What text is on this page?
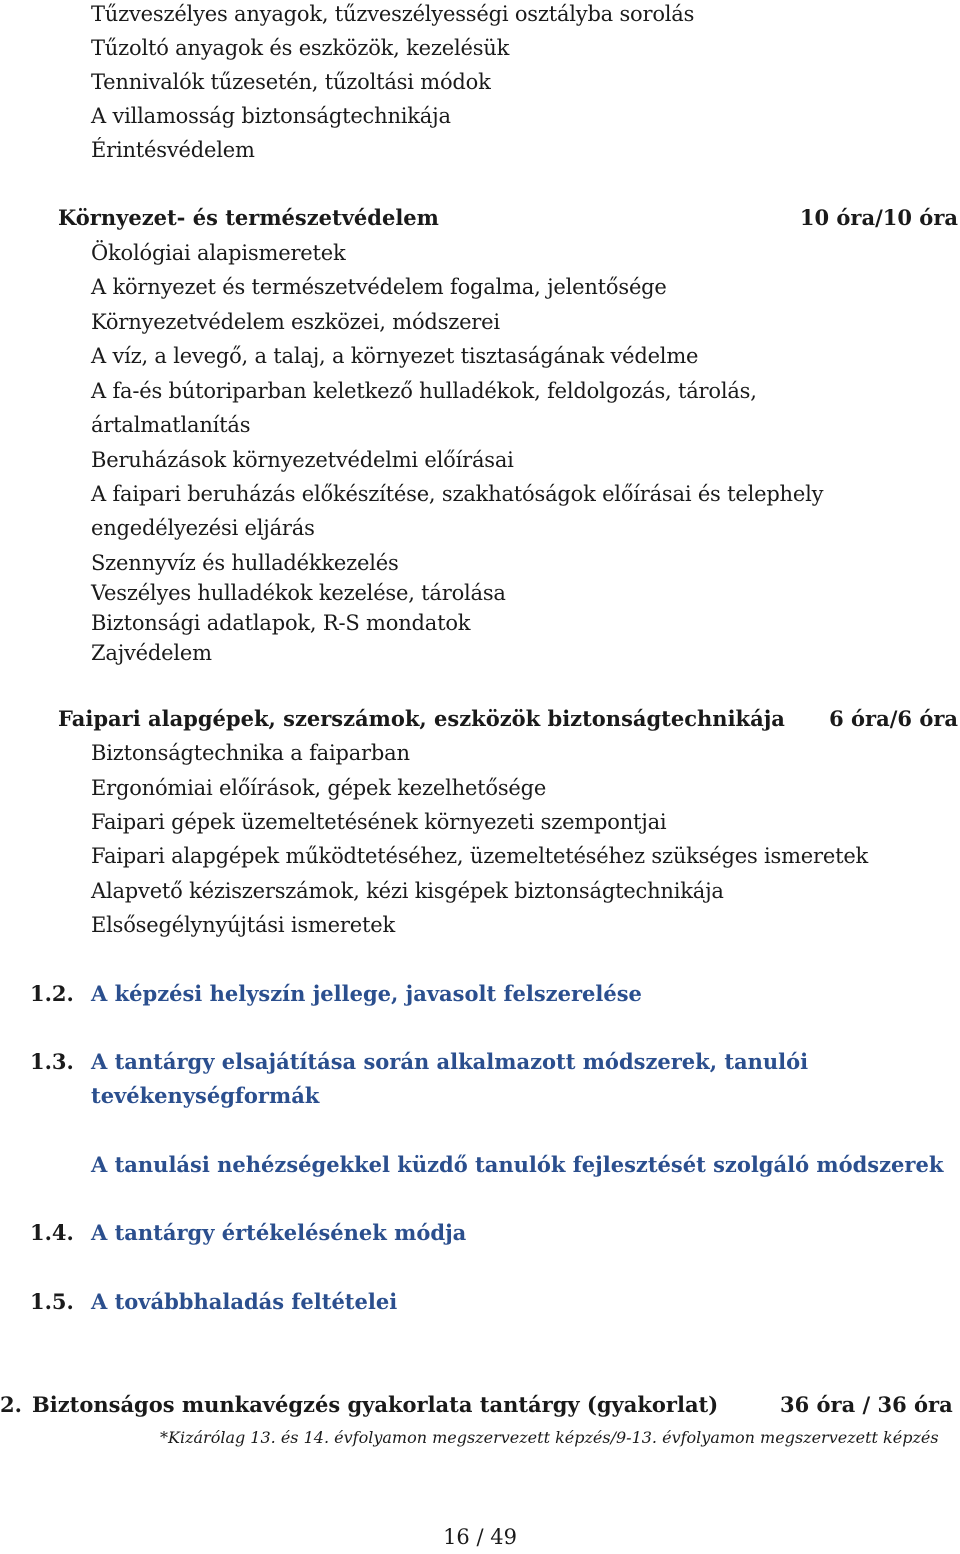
Tűzveszélyes anyagok, tűzveszélyességi osztályba sorolás
Tűzoltó anyagok és eszközök, kezelésük
Tennivalók tűzesetén, tűzoltási módok
A villamosság biztonságtechnikája
Érintésvédelem
Környezet- és természetvédelem	10 óra/10 óra
Ökológiai alapismeretek
A környezet és természetvédelem fogalma, jelentősége
Környezetvédelem eszközei, módszerei
A víz, a levegő, a talaj, a környezet tisztaságának védelme
A fa-és bútoriparban keletkező hulladékok, feldolgozás, tárolás,
ártalmatlanítás
Beruházások környezetvédelmi előírásai
A faipari beruházás előkészítése, szakhatóságok előírásai és telephely
engedélyezési eljárás
Szennyvíz és hulladékkezelés
Veszélyes hulladékok kezelése, tárolása
Biztonsági adatlapok, R-S mondatok
Zajvédelem
Faipari alapgépek, szerszámok, eszközök biztonságtechnikája 6 óra/6 óra
Biztonságtechnika a faiparban
Ergonómiai előírások, gépek kezelhetősége
Faipari gépek üzemeltetésének környezeti szempontjai
Faipari alapgépek működtetéséhez, üzemeltetéséhez szükséges ismeretek
Alapvető kéziszerszámok, kézi kisgépek biztonságtechnikája
Elsősegélynyújtási ismeretek
1.2. A képzési helyszín jellege, javasolt felszerelése
1.3. A tantárgy elsajátítása során alkalmazott módszerek, tanulói
tevékenységformák
A tanulási nehézségekkel küzdő tanulók fejlesztését szolgáló módszerek
1.4. A tantárgy értékelésének módja
1.5. A továbbhaladás feltételei
2. Biztonságos munkavégzés gyakorlata tantárgy (gyakorlat)	36 óra / 36 óra
*Kizárólag 13. és 14. évfolyamon megszervezett képzés/9-13. évfolyamon megszervezett képzés
16 / 49
